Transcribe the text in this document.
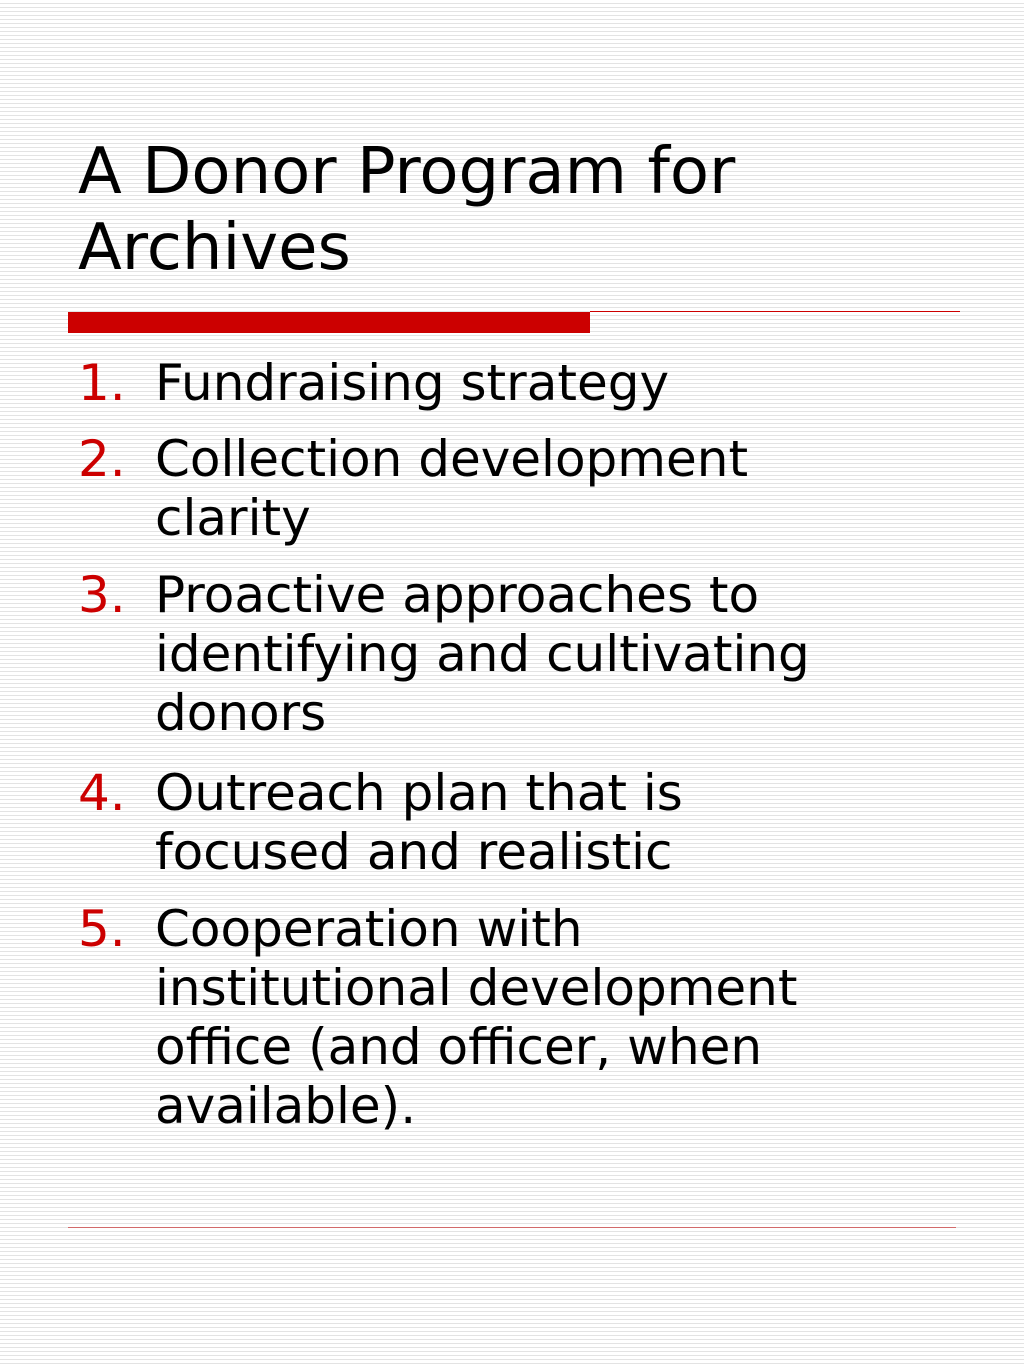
A Donor Program for
Archives
1. Fundraising strategy
2. Collection development
clarity
3. Proactive approaches to
identifying and cultivating
donors
4. Outreach plan that is
focused and realistic
5. Cooperation with
institutional development
office (and officer, when
available).
